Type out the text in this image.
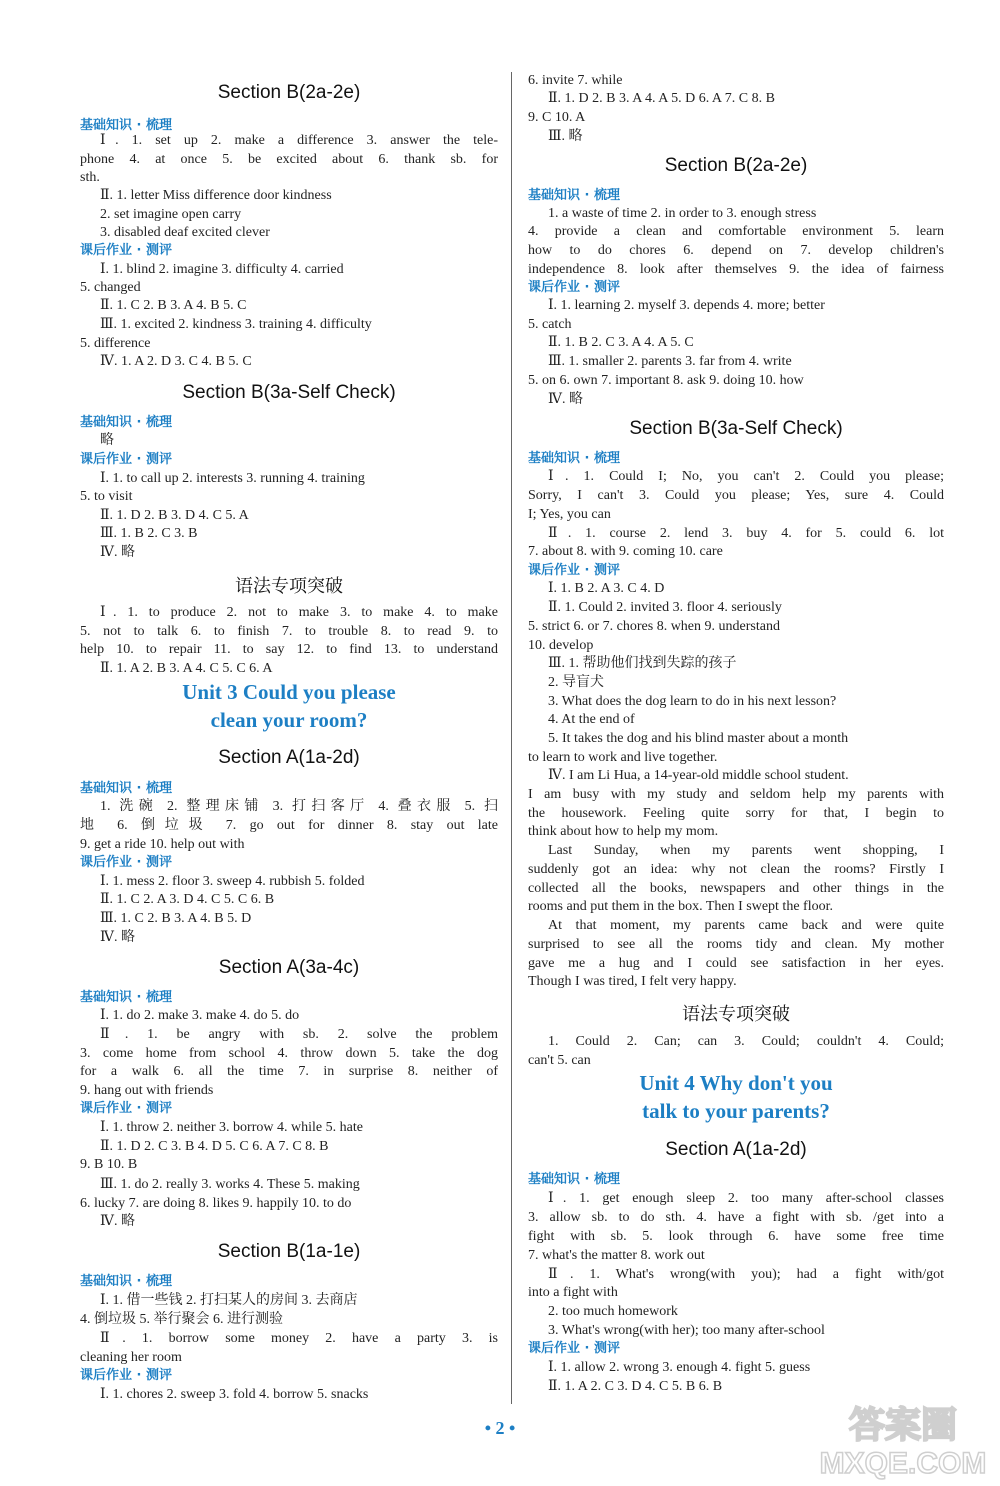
Section B(2a-2e)
基础知识 · 梳理
Ⅰ. 1. set up 2. make a difference 3. answer the tele-
phone 4. at once 5. be excited about 6. thank sb. for
sth.
Ⅱ. 1. letter Miss difference door kindness
2. set imagine open carry
3. disabled deaf excited clever
课后作业 · 测评
Ⅰ. 1. blind 2. imagine 3. difficulty 4. carried
5. changed
Ⅱ. 1. C 2. B 3. A 4. B 5. C
Ⅲ. 1. excited 2. kindness 3. training 4. difficulty
5. difference
Ⅳ. 1. A 2. D 3. C 4. B 5. C
Section B(3a-Self Check)
基础知识 · 梳理
略
课后作业 · 测评
Ⅰ. 1. to call up 2. interests 3. running 4. training
5. to visit
Ⅱ. 1. D 2. B 3. D 4. C 5. A
Ⅲ. 1. B 2. C 3. B
Ⅳ. 略
语法专项突破
Ⅰ. 1. to produce 2. not to make 3. to make 4. to make
5. not to talk 6. to finish 7. to trouble 8. to read 9. to
help 10. to repair 11. to say 12. to find 13. to understand
Ⅱ. 1. A 2. B 3. A 4. C 5. C 6. A
Unit 3 Could you please
clean your room?
Section A(1a-2d)
基础知识 · 梳理
1. 洗碗 2. 整理床铺 3. 打扫客厅 4. 叠衣服 5. 扫
地 6. 倒垃圾 7. go out for dinner 8. stay out late
9. get a ride 10. help out with
课后作业 · 测评
Ⅰ. 1. mess 2. floor 3. sweep 4. rubbish 5. folded
Ⅱ. 1. C 2. A 3. D 4. C 5. C 6. B
Ⅲ. 1. C 2. B 3. A 4. B 5. D
Ⅳ. 略
Section A(3a-4c)
基础知识 · 梳理
Ⅰ. 1. do 2. make 3. make 4. do 5. do
Ⅱ. 1. be angry with sb. 2. solve the problem
3. come home from school 4. throw down 5. take the dog
for a walk 6. all the time 7. in surprise 8. neither of
9. hang out with friends
课后作业 · 测评
Ⅰ. 1. throw 2. neither 3. borrow 4. while 5. hate
Ⅱ. 1. D 2. C 3. B 4. D 5. C 6. A 7. C 8. B
9. B 10. B
Ⅲ. 1. do 2. really 3. works 4. These 5. making
6. lucky 7. are doing 8. likes 9. happily 10. to do
Ⅳ. 略
Section B(1a-1e)
基础知识 · 梳理
Ⅰ. 1. 借一些钱 2. 打扫某人的房间 3. 去商店
4. 倒垃圾 5. 举行聚会 6. 进行测验
Ⅱ. 1. borrow some money 2. have a party 3. is
cleaning her room
课后作业 · 测评
Ⅰ. 1. chores 2. sweep 3. fold 4. borrow 5. snacks
6. invite 7. while
Ⅱ. 1. D 2. B 3. A 4. A 5. D 6. A 7. C 8. B
9. C 10. A
Ⅲ. 略
Section B(2a-2e)
基础知识 · 梳理
1. a waste of time 2. in order to 3. enough stress
4. provide a clean and comfortable environment 5. learn
how to do chores 6. depend on 7. develop children's
independence 8. look after themselves 9. the idea of fairness
课后作业 · 测评
Ⅰ. 1. learning 2. myself 3. depends 4. more; better
5. catch
Ⅱ. 1. B 2. C 3. A 4. A 5. C
Ⅲ. 1. smaller 2. parents 3. far from 4. write
5. on 6. own 7. important 8. ask 9. doing 10. how
Ⅳ. 略
Section B(3a-Self Check)
基础知识 · 梳理
Ⅰ. 1. Could I; No, you can't 2. Could you please;
Sorry, I can't 3. Could you please; Yes, sure 4. Could
I; Yes, you can
Ⅱ. 1. course 2. lend 3. buy 4. for 5. could 6. lot
7. about 8. with 9. coming 10. care
课后作业 · 测评
Ⅰ. 1. B 2. A 3. C 4. D
Ⅱ. 1. Could 2. invited 3. floor 4. seriously
5. strict 6. or 7. chores 8. when 9. understand
10. develop
Ⅲ. 1. 帮助他们找到失踪的孩子
2. 导盲犬
3. What does the dog learn to do in his next lesson?
4. At the end of
5. It takes the dog and his blind master about a month
to learn to work and live together.
Ⅳ. I am Li Hua, a 14-year-old middle school student.
I am busy with my study and seldom help my parents with
the housework. Feeling quite sorry for that, I begin to
think about how to help my mom.
Last Sunday, when my parents went shopping, I
suddenly got an idea: why not clean the rooms? Firstly I
collected all the books, newspapers and other things in the
rooms and put them in the box. Then I swept the floor.
At that moment, my parents came back and were quite
surprised to see all the rooms tidy and clean. My mother
gave me a hug and I could see satisfaction in her eyes.
Though I was tired, I felt very happy.
语法专项突破
1. Could 2. Can; can 3. Could; couldn't 4. Could;
can't 5. can
Unit 4 Why don't you
talk to your parents?
Section A(1a-2d)
基础知识 · 梳理
Ⅰ. 1. get enough sleep 2. too many after-school classes
3. allow sb. to do sth. 4. have a fight with sb. /get into a
fight with sb. 5. look through 6. have some free time
7. what's the matter 8. work out
Ⅱ. 1. What's wrong(with you); had a fight with/got
into a fight with
2. too much homework
3. What's wrong(with her); too many after-school
课后作业 · 测评
Ⅰ. 1. allow 2. wrong 3. enough 4. fight 5. guess
Ⅱ. 1. A 2. C 3. D 4. C 5. B 6. B
• 2 •	答案圈
MXQE.COM
